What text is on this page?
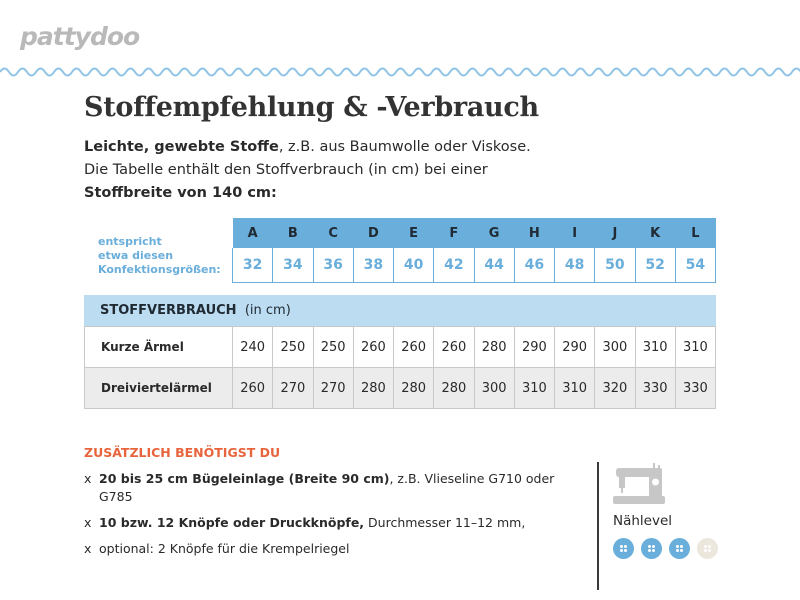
pattydoo
Stoffempfehlung & -Verbrauch
Leichte, gewebte Stoffe, z.B. aus Baumwolle oder Viskose.
Die Tabelle enthält den Stoffverbrauch (in cm) bei einer
Stoffbreite von 140 cm:
entspricht
etwa diesen
Konfektionsgrößen:
A	B	C	D	E	F	G	H	I	J	K	L
32	34	36	38	40	42	44	46	48	50	52	54
STOFFVERBRAUCH (in cm)
Kurze Ärmel	240	250	250	260	260	260	280	290	290	300	310	310
Dreiviertelärmel	260	270	270	280	280	280	300	310	310	320	330	330
ZUSÄTZLICH BENÖTIGST DU
x 20 bis 25 cm Bügeleinlage (Breite 90 cm), z.B. Vlieseline G710 oder G785
x 10 bzw. 12 Knöpfe oder Druckknöpfe, Durchmesser 11–12 mm,
x optional: 2 Knöpfe für die Krempelriegel
Nählevel
